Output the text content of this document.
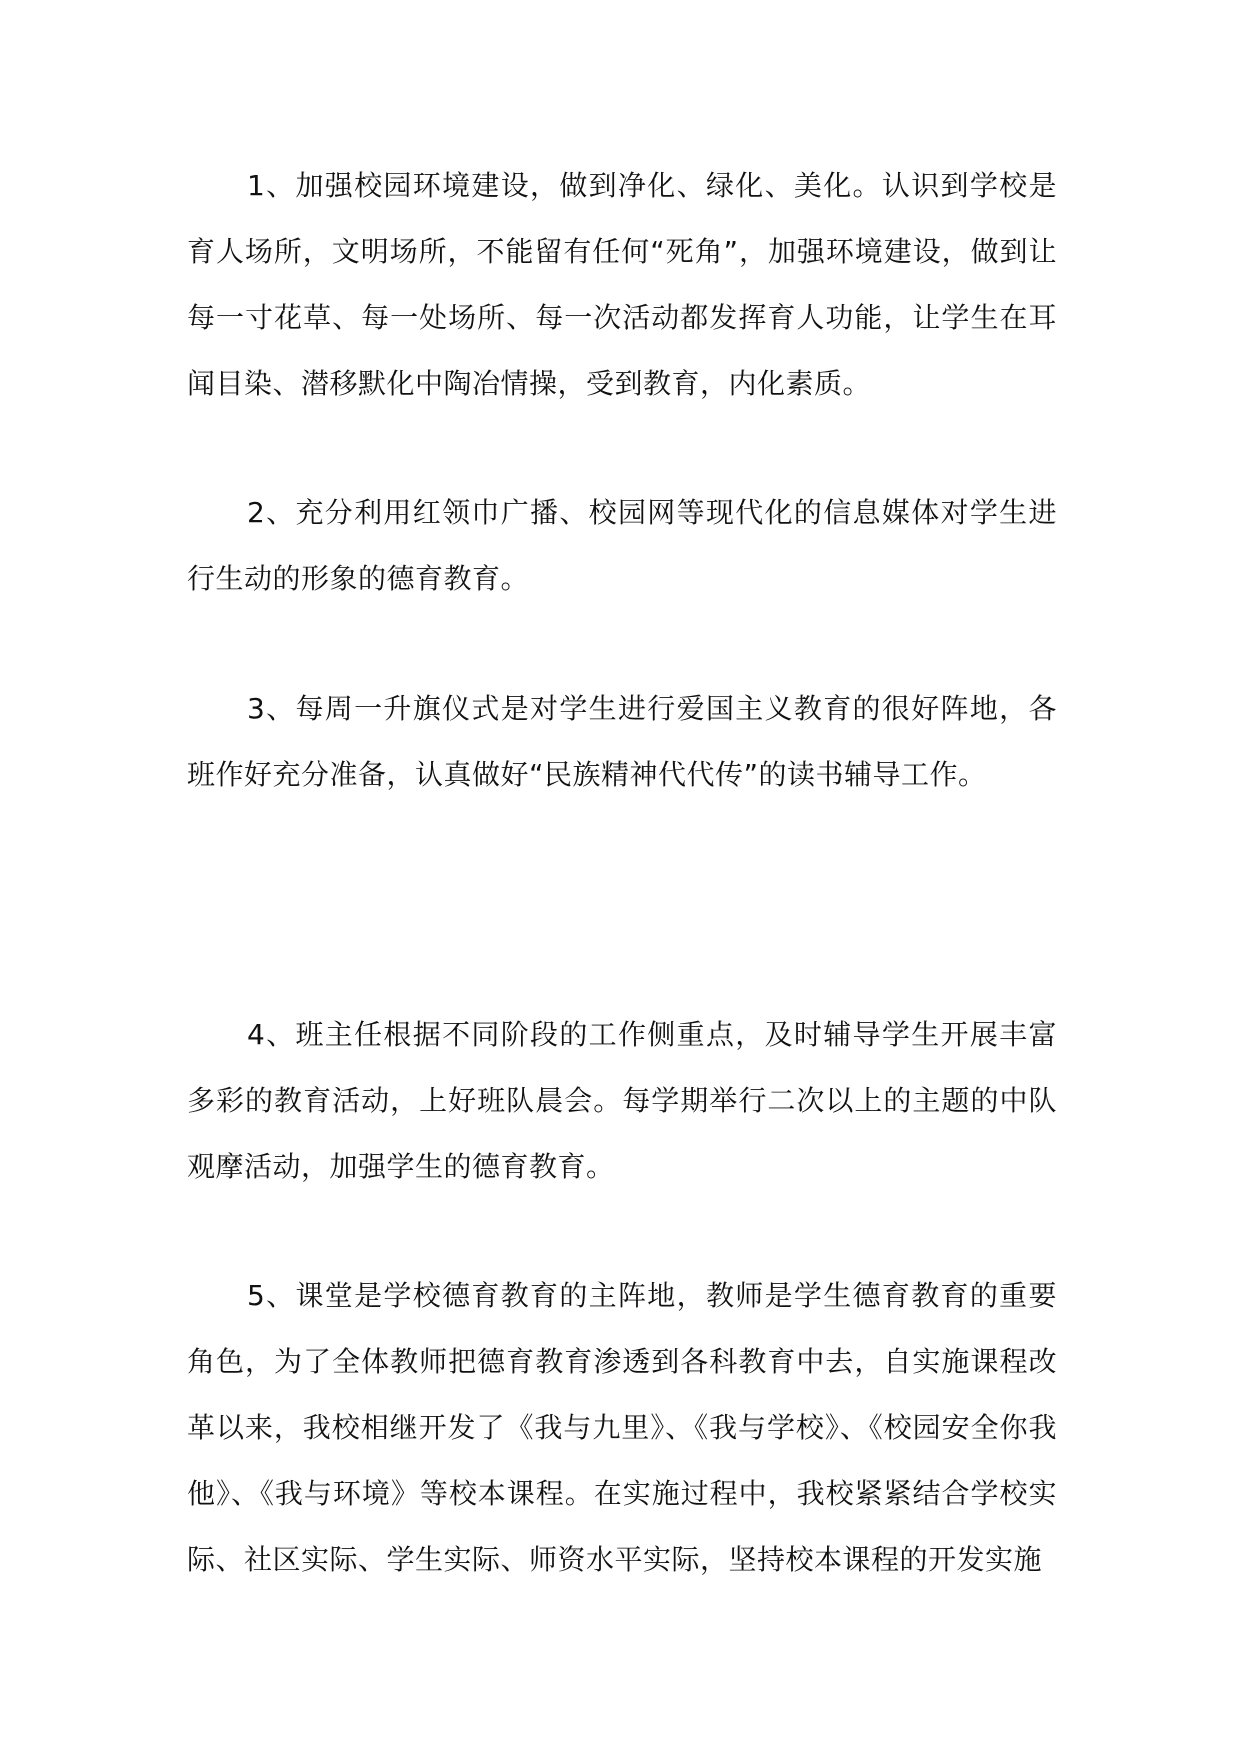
1、加强校园环境建设，做到净化、绿化、美化。认识到学校是育人场所，文明场所，不能留有任何“死角”，加强环境建设，做到让每一寸花草、每一处场所、每一次活动都发挥育人功能，让学生在耳闻目染、潜移默化中陶冶情操，受到教育，内化素质。

2、充分利用红领巾广播、校园网等现代化的信息媒体对学生进行生动的形象的德育教育。

3、每周一升旗仪式是对学生进行爱国主义教育的很好阵地，各班作好充分准备，认真做好“民族精神代代传”的读书辅导工作。

4、班主任根据不同阶段的工作侧重点，及时辅导学生开展丰富多彩的教育活动，上好班队晨会。每学期举行二次以上的主题的中队观摩活动，加强学生的德育教育。

5、课堂是学校德育教育的主阵地，教师是学生德育教育的重要角色，为了全体教师把德育教育渗透到各科教育中去，自实施课程改革以来，我校相继开发了《我与九里》、《我与学校》、《校园安全你我他》、《我与环境》等校本课程。在实施过程中，我校紧紧结合学校实际、社区实际、学生实际、师资水平实际，坚持校本课程的开发实施
